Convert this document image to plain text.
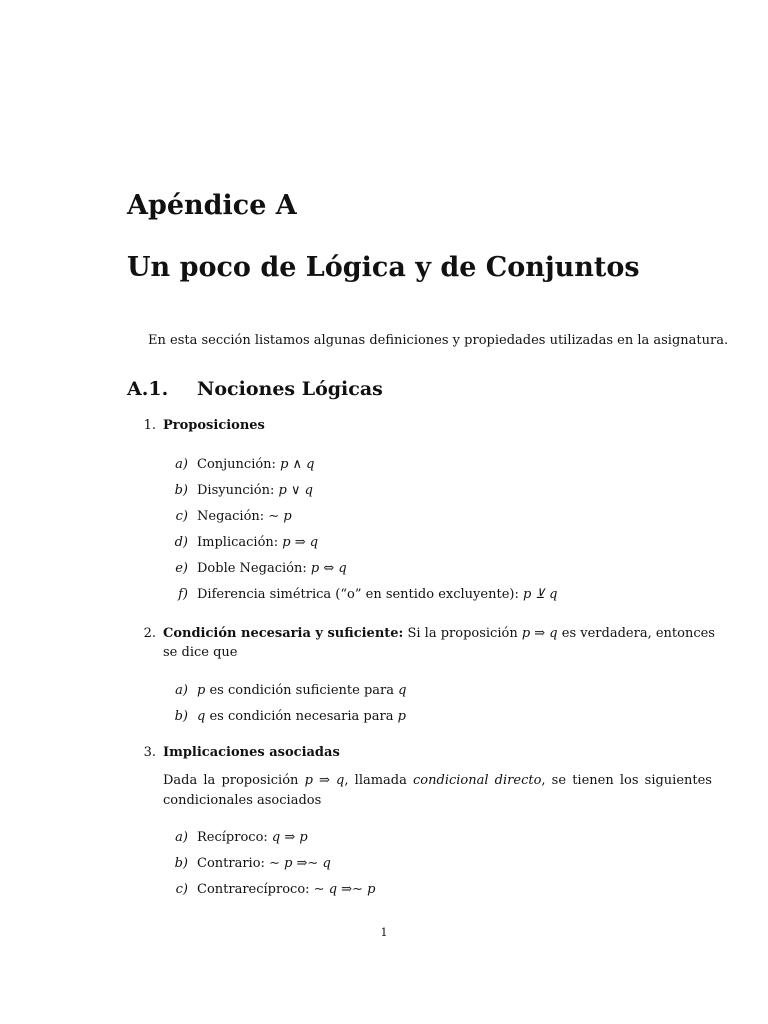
Apéndice A
Un poco de Lógica y de Conjuntos
En esta sección listamos algunas definiciones y propiedades utilizadas en la asignatura.
A.1. Nociones Lógicas
1. Proposiciones
a) Conjunción: p ∧ q
b) Disyunción: p ∨ q
c) Negación: ∼ p
d) Implicación: p ⇒ q
e) Doble Negación: p ⇔ q
f) Diferencia simétrica (“o” en sentido excluyente): p ⊻ q
2. Condición necesaria y suficiente: Si la proposición p ⇒ q es verdadera, entonces
se dice que
a) p es condición suficiente para q
b) q es condición necesaria para p
3. Implicaciones asociadas
Dada la proposición p ⇒ q, llamada condicional directo, se tienen los siguientes condicionales asociados
a) Recíproco: q ⇒ p
b) Contrario: ∼ p ⇒∼ q
c) Contrarecíproco: ∼ q ⇒∼ p
1
